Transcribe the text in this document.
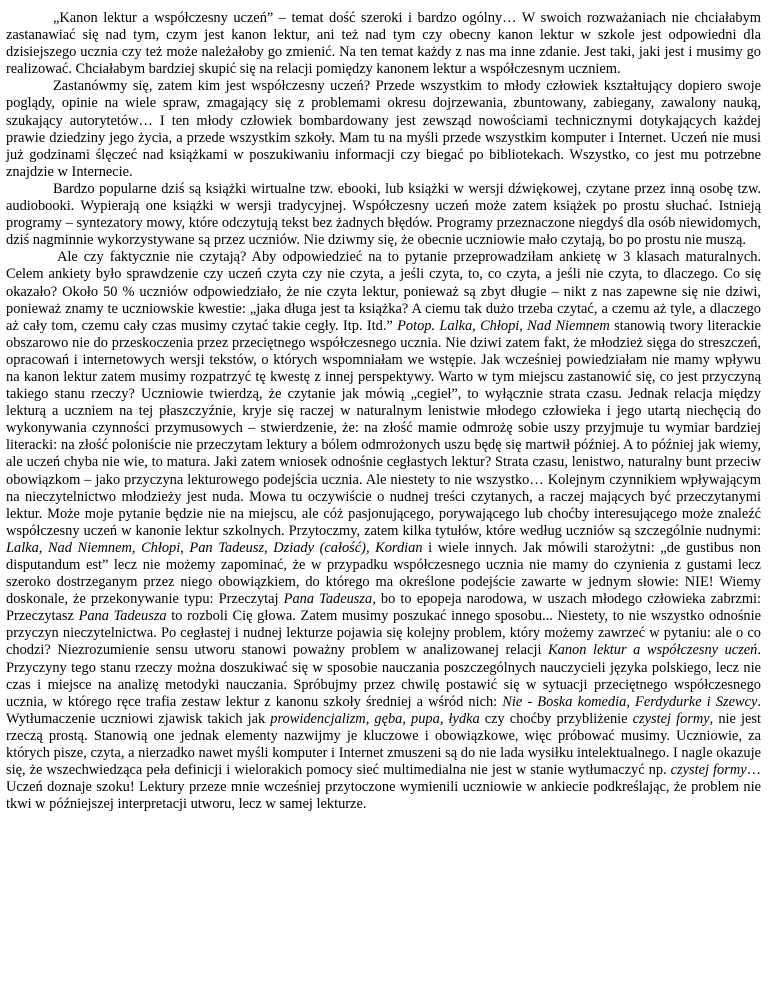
„Kanon lektur a współczesny uczeń” – temat dość szeroki i bardzo ogólny… W swoich rozważaniach nie chciałabym zastanawiać się nad tym, czym jest kanon lektur, ani też nad tym czy obecny kanon lektur w szkole jest odpowiedni dla dzisiejszego ucznia czy też może należałoby go zmienić. Na ten temat każdy z nas ma inne zdanie. Jest taki, jaki jest i musimy go realizować. Chciałabym bardziej skupić się na relacji pomiędzy kanonem lektur a współczesnym uczniem.

Zastanówmy się, zatem kim jest współczesny uczeń? Przede wszystkim to młody człowiek kształtujący dopiero swoje poglądy, opinie na wiele spraw, zmagający się z problemami okresu dojrzewania, zbuntowany, zabiegany, zawalony nauką, szukający autorytetów… I ten młody człowiek bombardowany jest zewsząd nowościami technicznymi dotykających każdej prawie dziedziny jego życia, a przede wszystkim szkoły. Mam tu na myśli przede wszystkim komputer i Internet. Uczeń nie musi już godzinami ślęczeć nad książkami w poszukiwaniu informacji czy biegać po bibliotekach. Wszystko, co jest mu potrzebne znajdzie w Internecie.

Bardzo popularne dziś są książki wirtualne tzw. ebooki, lub książki w wersji dźwiękowej, czytane przez inną osobę tzw. audiobooki. Wypierają one książki w wersji tradycyjnej. Współczesny uczeń może zatem książek po prostu słuchać. Istnieją programy – syntezatory mowy, które odczytują tekst bez żadnych błędów. Programy przeznaczone niegdyś dla osób niewidomych, dziś nagminnie wykorzystywane są przez uczniów. Nie dziwmy się, że obecnie uczniowie mało czytają, bo po prostu nie muszą.

Ale czy faktycznie nie czytają? Aby odpowiedzieć na to pytanie przeprowadziłam ankietę w 3 klasach maturalnych. Celem ankiety było sprawdzenie czy uczeń czyta czy nie czyta, a jeśli czyta, to, co czyta, a jeśli nie czyta, to dlaczego. Co się okazało? Około 50 % uczniów odpowiedziało, że nie czyta lektur, ponieważ są zbyt długie – nikt z nas zapewne się nie dziwi, ponieważ znamy te uczniowskie kwestie: „jaka długa jest ta książka? A ciemu tak dużo trzeba czytać, a czemu aż tyle, a dlaczego aż cały tom, czemu cały czas musimy czytać takie cegły. Itp. Itd.” Potop. Lalka, Chłopi, Nad Niemnem stanowią twory literackie obszarowo nie do przeskoczenia przez przeciętnego współczesnego ucznia. Nie dziwi zatem fakt, że młodzież sięga do streszczeń, opracowań i internetowych wersji tekstów, o których wspomniałam we wstępie. Jak wcześniej powiedziałam nie mamy wpływu na kanon lektur zatem musimy rozpatrzyć tę kwestę z innej perspektywy. Warto w tym miejscu zastanowić się, co jest przyczyną takiego stanu rzeczy? Uczniowie twierdzą, że czytanie jak mówią „cegieł”, to wyłącznie strata czasu. Jednak relacja między lekturą a uczniem na tej płaszczyźnie, kryje się raczej w naturalnym lenistwie młodego człowieka i jego utartą niechęcią do wykonywania czynności przymusowych – stwierdzenie, że: na złość mamie odmrożę sobie uszy przyjmuje tu wymiar bardziej literacki: na złość poloniście nie przeczytam lektury a bólem odmrożonych uszu będę się martwił później. A to później jak wiemy, ale uczeń chyba nie wie, to matura. Jaki zatem wniosek odnośnie cegłastych lektur? Strata czasu, lenistwo, naturalny bunt przeciw obowiązkom – jako przyczyna lekturowego podejścia ucznia. Ale niestety to nie wszystko… Kolejnym czynnikiem wpływającym na nieczytelnictwo młodzieży jest nuda. Mowa tu oczywiście o nudnej treści czytanych, a raczej mających być przeczytanymi lektur. Może moje pytanie będzie nie na miejscu, ale cóż pasjonującego, porywającego lub choćby interesującego może znaleźć współczesny uczeń w kanonie lektur szkolnych. Przytoczmy, zatem kilka tytułów, które według uczniów są szczególnie nudnymi: Lalka, Nad Niemnem, Chłopi, Pan Tadeusz, Dziady (całość), Kordian i wiele innych. Jak mówili starożytni: „de gustibus non disputandum est” lecz nie możemy zapominać, że w przypadku współczesnego ucznia nie mamy do czynienia z gustami lecz szeroko dostrzeganym przez niego obowiązkiem, do którego ma określone podejście zawarte w jednym słowie: NIE! Wiemy doskonale, że przekonywanie typu: Przeczytaj Pana Tadeusza, bo to epopeja narodowa, w uszach młodego człowieka zabrzmi: Przeczytasz Pana Tadeusza to rozboli Cię głowa. Zatem musimy poszukać innego sposobu... Niestety, to nie wszystko odnośnie przyczyn nieczytelnictwa. Po cegłastej i nudnej lekturze pojawia się kolejny problem, który możemy zawrzeć w pytaniu: ale o co chodzi? Niezrozumienie sensu utworu stanowi poważny problem w analizowanej relacji Kanon lektur a współczesny uczeń. Przyczyny tego stanu rzeczy można doszukiwać się w sposobie nauczania poszczególnych nauczycieli języka polskiego, lecz nie czas i miejsce na analizę metodyki nauczania. Spróbujmy przez chwilę postawić się w sytuacji przeciętnego współczesnego ucznia, w którego ręce trafia zestaw lektur z kanonu szkoły średniej a wśród nich: Nie - Boska komedia, Ferdydurke i Szewcy. Wytłumaczenie uczniowi zjawisk takich jak prowidencjalizm, gęba, pupa, łydka czy choćby przybliżenie czystej formy, nie jest rzeczą prostą. Stanowią one jednak elementy nazwijmy je kluczowe i obowiązkowe, więc próbować musimy. Uczniowie, za których pisze, czyta, a nierzadko nawet myśli komputer i Internet zmuszeni są do nie lada wysiłku intelektualnego. I nagle okazuje się, że wszechwiedząca peła definicji i wielorakich pomocy sieć multimedialna nie jest w stanie wytłumaczyć np. czystej formy…Uczeń doznaje szoku! Lektury przeze mnie wcześniej przytoczone wymienili uczniowie w ankiecie podkreślając, że problem nie tkwi w późniejszej interpretacji utworu, lecz w samej lekturze.
